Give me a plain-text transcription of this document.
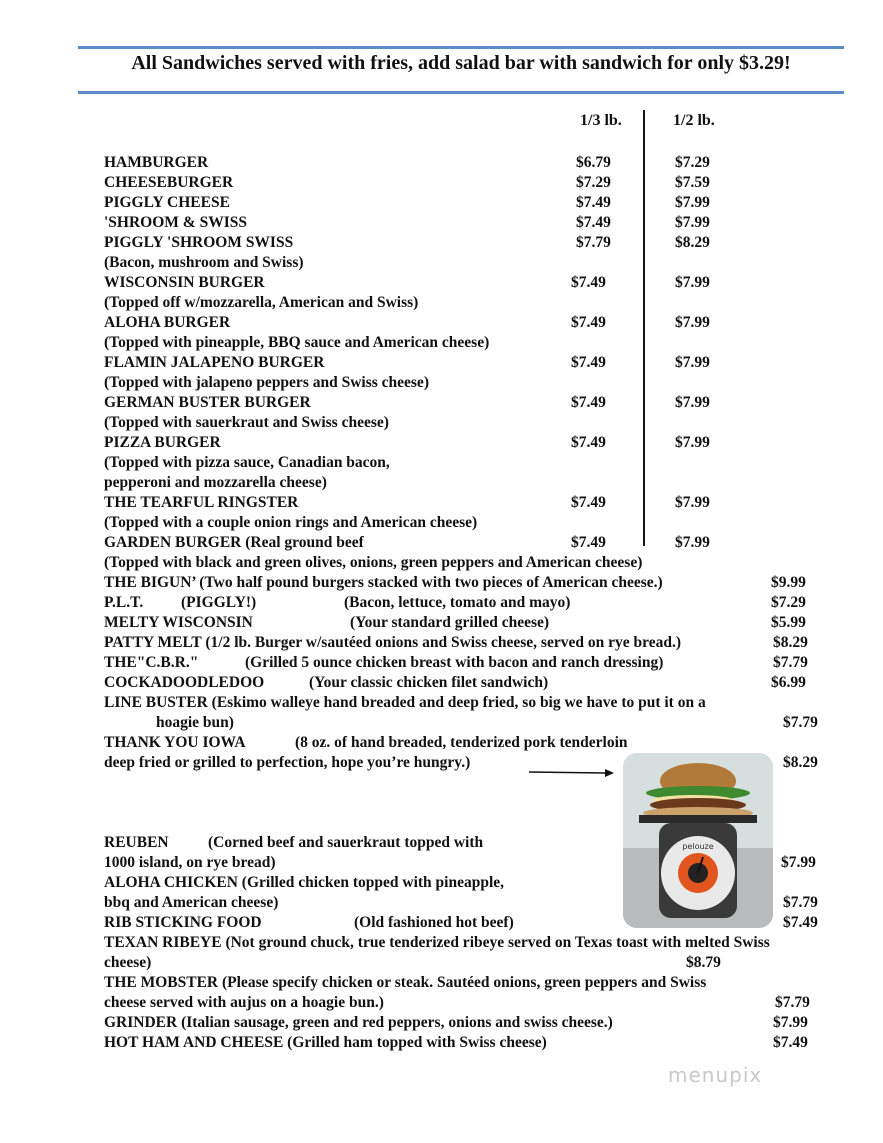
All Sandwiches served with fries, add salad bar with sandwich for only $3.29!
1/3 lb.	1/2 lb.
HAMBURGER	$6.79	$7.29
CHEESEBURGER	$7.29	$7.59
PIGGLY CHEESE	$7.49	$7.99
'SHROOM & SWISS	$7.49	$7.99
PIGGLY 'SHROOM SWISS	$7.79	$8.29
(Bacon, mushroom and Swiss)
WISCONSIN BURGER	$7.49	$7.99
(Topped off w/mozzarella, American and Swiss)
ALOHA BURGER	$7.49	$7.99
(Topped with pineapple, BBQ sauce and American cheese)
FLAMIN JALAPENO BURGER	$7.49	$7.99
(Topped with jalapeno peppers and Swiss cheese)
GERMAN BUSTER BURGER	$7.49	$7.99
(Topped with sauerkraut and Swiss cheese)
PIZZA BURGER	$7.49	$7.99
(Topped with pizza sauce, Canadian bacon,
pepperoni and mozzarella cheese)
THE TEARFUL RINGSTER	$7.49	$7.99
(Topped with a couple onion rings and American cheese)
GARDEN BURGER (Real ground beef	$7.49	$7.99
(Topped with black and green olives, onions, green peppers and American cheese)
THE BIGUN’ (Two half pound burgers stacked with two pieces of American cheese.)	$9.99
P.L.T. (PIGGLY!)	(Bacon, lettuce, tomato and mayo)	$7.29
MELTY WISCONSIN	(Your standard grilled cheese)	$5.99
PATTY MELT (1/2 lb. Burger w/sautéed onions and Swiss cheese, served on rye bread.)	$8.29
THE"C.B.R."	(Grilled 5 ounce chicken breast with bacon and ranch dressing)	$7.79
COCKADOODLEDOO	(Your classic chicken filet sandwich)	$6.99
LINE BUSTER (Eskimo walleye hand breaded and deep fried, so big we have to put it on a
hoagie bun)	$7.79
THANK YOU IOWA	(8 oz. of hand breaded, tenderized pork tenderloin
deep fried or grilled to perfection, hope you’re hungry.)	$8.29
pelouze
REUBEN	(Corned beef and sauerkraut topped with
1000 island, on rye bread)	$7.99
ALOHA CHICKEN (Grilled chicken topped with pineapple,
bbq and American cheese)	$7.79
RIB STICKING FOOD	(Old fashioned hot beef)	$7.49
TEXAN RIBEYE (Not ground chuck, true tenderized ribeye served on Texas toast with melted Swiss
cheese)	$8.79
THE MOBSTER (Please specify chicken or steak. Sautéed onions, green peppers and Swiss
cheese served with aujus on a hoagie bun.)	$7.79
GRINDER (Italian sausage, green and red peppers, onions and swiss cheese.)	$7.99
HOT HAM AND CHEESE (Grilled ham topped with Swiss cheese)	$7.49
menupix
